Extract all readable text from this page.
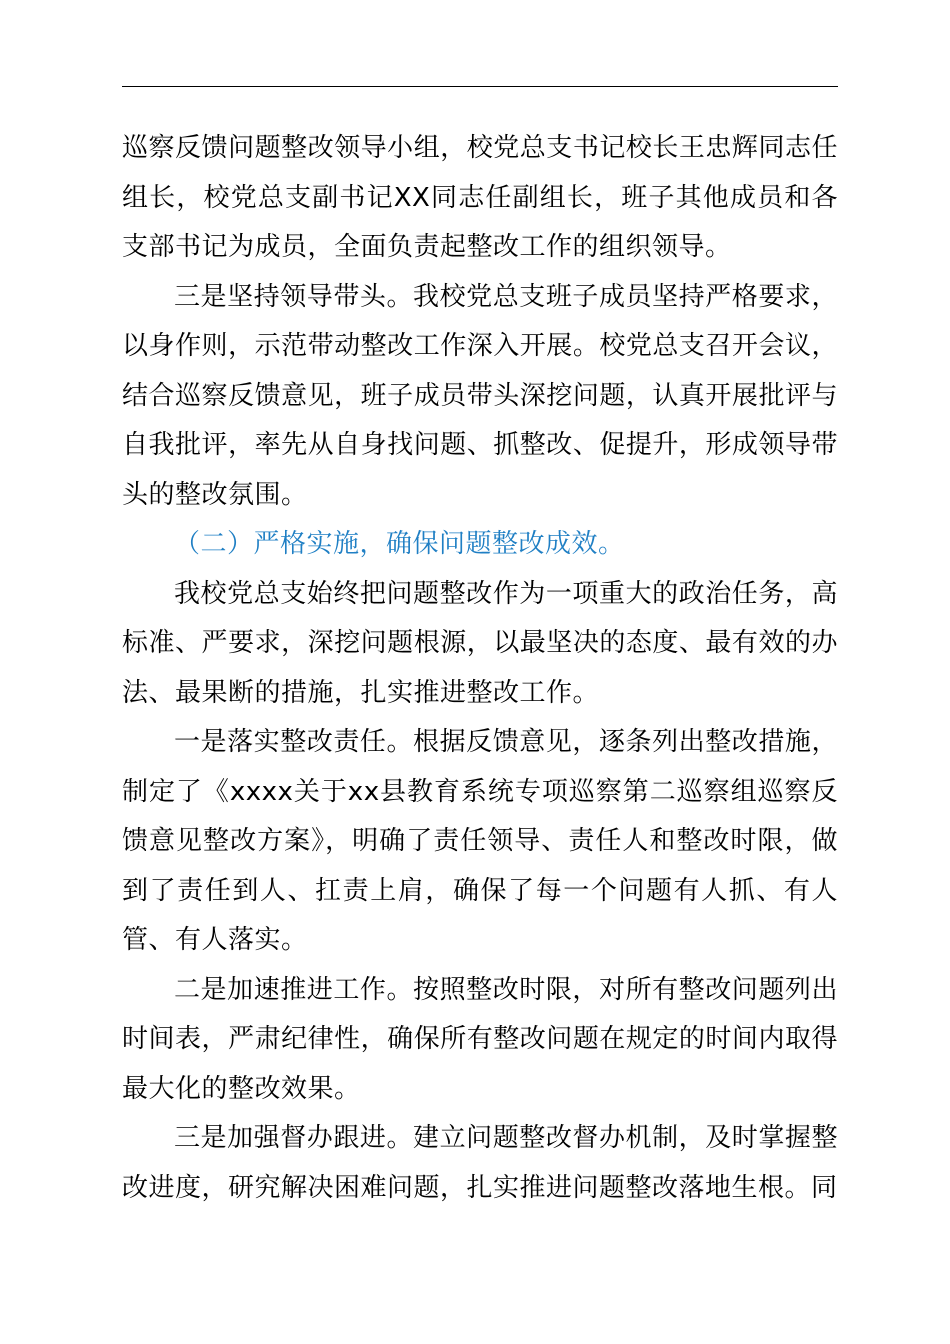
巡察反馈问题整改领导小组，校党总支书记校长王忠辉同志任组长，校党总支副书记XX同志任副组长，班子其他成员和各支部书记为成员，全面负责起整改工作的组织领导。

三是坚持领导带头。我校党总支班子成员坚持严格要求，以身作则，示范带动整改工作深入开展。校党总支召开会议，结合巡察反馈意见，班子成员带头深挖问题，认真开展批评与自我批评，率先从自身找问题、抓整改、促提升，形成领导带头的整改氛围。

（二）严格实施，确保问题整改成效。

我校党总支始终把问题整改作为一项重大的政治任务，高标准、严要求，深挖问题根源，以最坚决的态度、最有效的办法、最果断的措施，扎实推进整改工作。

一是落实整改责任。根据反馈意见，逐条列出整改措施，制定了《xxxx关于xx县教育系统专项巡察第二巡察组巡察反馈意见整改方案》，明确了责任领导、责任人和整改时限，做到了责任到人、扛责上肩，确保了每一个问题有人抓、有人管、有人落实。

二是加速推进工作。按照整改时限，对所有整改问题列出时间表，严肃纪律性，确保所有整改问题在规定的时间内取得最大化的整改效果。

三是加强督办跟进。建立问题整改督办机制，及时掌握整改进度，研究解决困难问题，扎实推进问题整改落地生根。同
